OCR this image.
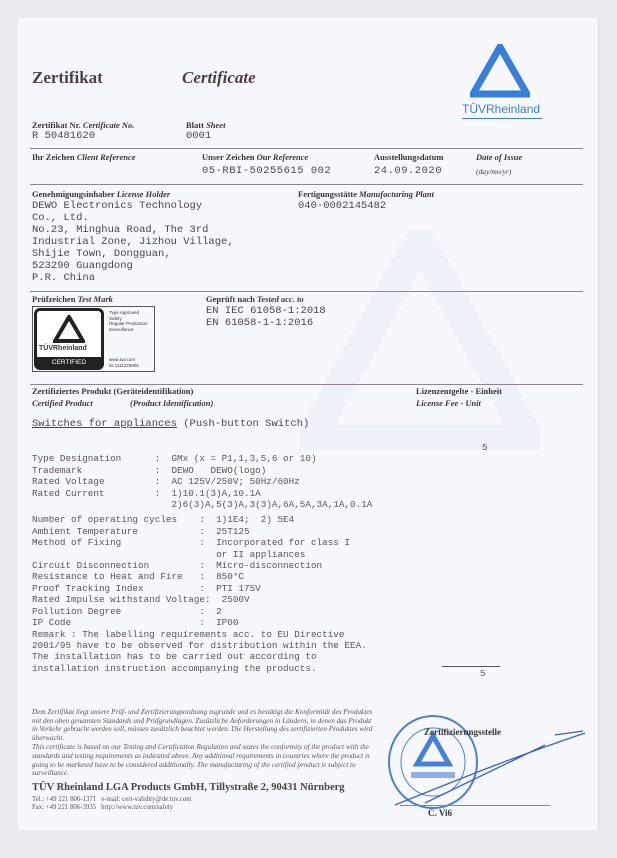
Zertifikat	Certificate
TÜVRheinland
Zertifikat Nr. Certificate No.
R 50481620
Blatt Sheet
0001
Ihr Zeichen Client Reference	Unser Zeichen Our Reference
05-RBI-50255615 002
Ausstellungsdatum	Date of Issue
24.09.2020	(day/mo/yr)
Genehmigungsinhaber License Holder
DEWO Electronics Technology
Co., Ltd.
No.23, Minghua Road, The 3rd
Industrial Zone, Jizhou Village,
Shijie Town, Dongguan,
523290 Guangdong
P.R. China
Fertigungsstätte Manufacturing Plant
040-0002145482
Prüfzeichen Test Mark

TÜVRheinland

CERTIFIED

Type Approved
Safety
Regular Production
Surveillance

www.tuv.com
ID 1111229806

Geprüft nach Tested acc. to
EN IEC 61058-1:2018
EN 61058-1-1:2016
Zertifiziertes Produkt (Geräteidentifikation)
Certified Product	(Product Identification)
Lizenzentgelte - Einheit
License Fee - Unit
Switches for appliances (Push-button Switch)
5

Type Designation      :  GMx (x = P1,1,3,5,6 or 10)
Trademark             :  DEWO   DEWO(logo)
Rated Voltage         :  AC 125V/250V; 50Hz/60Hz
Rated Current         :  1)10.1(3)A,10.1A
2)6(3)A,5(3)A,3(3)A,6A,5A,3A,1A,0.1A
Number of operating cycles    :  1)1E4;  2) 5E4
Ambient Temperature           :  25T125
Method of Fixing              :  Incorporated for class I
or II appliances
Circuit Disconnection         :  Micro-disconnection
Resistance to Heat and Fire   :  850°C
Proof Tracking Index          :  PTI 175V
Rated Impulse withstand Voltage:  2500V
Pollution Degree              :  2
IP Code                       :  IP00
Remark : The labelling requirements acc. to EU Directive
2001/95 have to be observed for distribution within the EEA.
The installation has to be carried out according to
installation instruction accompanying the products.	5
Dem Zertifikat liegt unsere Prüf- und Zertifizierungsordnung zugrunde und es bestätigt die Konformität des Produktes mit den oben genannten Standards und Prüfgrundlagen. Zusätzliche Anforderungen in Ländern, in denen das Produkt in Verkehr gebracht werden soll, müssen zusätzlich beachtet werden. Die Herstellung des zertifizierten Produktes wird überwacht.
This certificate is based on our Testing and Certification Regulation and states the conformity of the product with the standards and testing requirements as indicated above. Any additional requirements in countries where the product is going to be marketed have to be considered additionally. The manufacturing of the certified product is subject to surveillance.
TÜV Rheinland LGA Products GmbH, Tillystraße 2, 90431 Nürnberg
Tel.: +49 221 806-1371   e-mail: cert-validity@de.tuv.com
Fax: +49 221 806-3935   http://www.tuv.com/safety
Zertifizierungsstelle
C. Vi6
